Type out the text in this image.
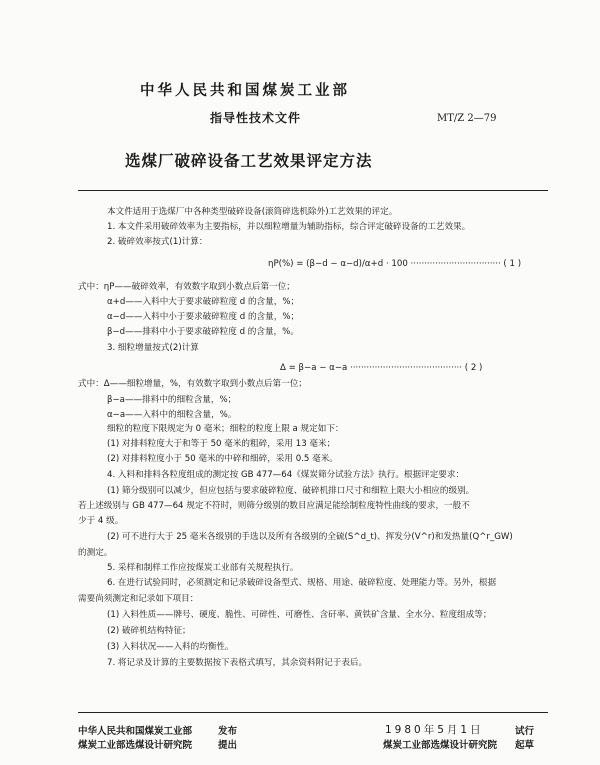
中华人民共和国煤炭工业部
指导性技术文件	MT/Z 2—79
选煤厂破碎设备工艺效果评定方法
本文件适用于选煤厂中各种类型破碎设备(滚筒碎选机除外)工艺效果的评定。
1. 本文件采用破碎效率为主要指标，并以细粒增量为辅助指标，综合评定破碎设备的工艺效果。
2. 破碎效率按式(1)计算：
ηP(%) = (β−d − α−d)/α+d · 100 ································· ( 1 )
式中：ηP——破碎效率，有效数字取到小数点后第一位；
α+d——入料中大于要求破碎粒度 d 的含量，%；
α−d——入料中小于要求破碎粒度 d 的含量，%；
β−d——排料中小于要求破碎粒度 d 的含量，%。
3. 细粒增量按式(2)计算
Δ = β−a − α−a ········································· ( 2 )
式中：Δ——细粒增量，%，有效数字取到小数点后第一位；
β−a——排料中的细粒含量，%；
α−a——入料中的细粒含量，%。
细粒的粒度下限规定为 0 毫米；细粒的粒度上限 a 规定如下：
(1) 对排料粒度大于和等于 50 毫米的粗碎，采用 13 毫米；
(2) 对排料粒度小于 50 毫米的中碎和细碎，采用 0.5 毫米。
4. 入料和排料各粒度组成的测定按 GB 477—64《煤炭筛分试验方法》执行。根据评定要求：
(1) 筛分级别可以减少，但应包括与要求破碎粒度、破碎机排口尺寸和细粒上限大小相应的级别。
若上述级别与 GB 477—64 规定不符时，则筛分级别的数目应满足能绘制粒度特性曲线的要求，一般不
少于 4 级。
(2) 可不进行大于 25 毫米各级别的手选以及所有各级别的全硫(S^d_t)、挥发分(V^r)和发热量(Q^r_GW)
的测定。
5. 采样和制样工作应按煤炭工业部有关规程执行。
6. 在进行试验同时，必须测定和记录破碎设备型式、规格、用途、破碎粒度、处理能力等。另外，根据
需要尚须测定和记录如下项目：
(1) 入料性质——牌号、硬度、脆性、可碎性、可磨性、含矸率、黄铁矿含量、全水分、粒度组成等；
(2) 破碎机结构特征；
(3) 入料状况——入料的均衡性。
7. 将记录及计算的主要数据按下表格式填写，其余资料附记于表后。
中华人民共和国煤炭工业部	发布
煤炭工业部选煤设计研究院	提出
1980年5月1日	试行
煤炭工业部选煤设计研究院 起草
